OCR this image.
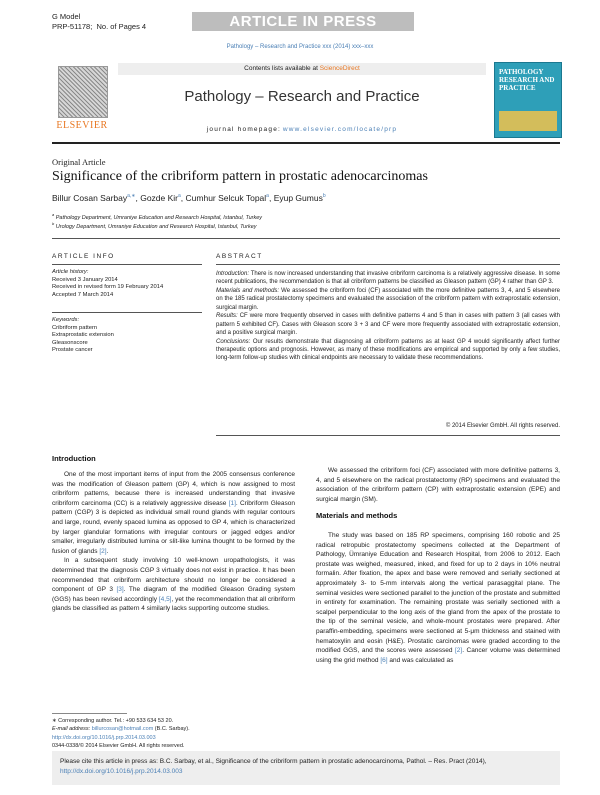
G Model
PRP-51178; No. of Pages 4	ARTICLE IN PRESS
Pathology – Research and Practice xxx (2014) xxx–xxx
ELSEVIER
Contents lists available at ScienceDirect
Pathology – Research and Practice
journal homepage: www.elsevier.com/locate/prp
PATHOLOGY RESEARCH AND PRACTICE
Original Article
Significance of the cribriform pattern in prostatic adenocarcinomas
Billur Cosan Sarbay$^{a,∗}$, Gozde Kir$^a$, Cumhur Selcuk Topal$^a$, Eyup Gumus$^b$
$^a$ Pathology Department, Umraniye Education and Research Hospital, Istanbul, Turkey
$^b$ Urology Department, Umraniye Education and Research Hospital, Istanbul, Turkey
ARTICLE INFO
Article history:
Received 3 January 2014
Received in revised form 19 February 2014
Accepted 7 March 2014
Keywords:
Cribriform pattern
Extraprostatic extension
Gleasonscore
Prostate cancer
ABSTRACT

Introduction: There is now increased understanding that invasive cribriform carcinoma is a relatively aggressive disease. In some recent publications, the recommendation is that all cribriform patterns be classified as Gleason pattern (GP) 4 rather than GP 3.

Materials and methods: We assessed the cribriform foci (CF) associated with the more definitive patterns 3, 4, and 5 elsewhere on the 185 radical prostatectomy specimens and evaluated the association of the cribriform pattern with extraprostatic extension, surgical margin.

Results: CF were more frequently observed in cases with definitive patterns 4 and 5 than in cases with pattern 3 (all cases with pattern 5 exhibited CF). Cases with Gleason score 3 + 3 and CF were more frequently associated with extraprostatic extension, and a positive surgical margin.

Conclusions: Our results demonstrate that diagnosing all cribriform patterns as at least GP 4 would significantly affect further therapeutic options and prognosis. However, as many of these modifications are empirical and supported by only a few studies, long-term follow-up studies with clinical endpoints are necessary to validate these recommendations.

© 2014 Elsevier GmbH. All rights reserved.
Introduction

One of the most important items of input from the 2005 consensus conference was the modification of Gleason pattern (GP) 4, which is now assigned to most cribriform patterns, because there is increased understanding that invasive cribriform carcinoma (CC) is a relatively aggressive disease [1]. Cribriform Gleason pattern (CGP) 3 is depicted as individual small round glands with regular contours and large, round, evenly spaced lumina as opposed to GP 4, which is characterized by larger glandular formations with irregular contours or jagged edges and/or smaller, irregularly distributed lumina or slit-like lumina thought to be formed by the fusion of glands [2].

In a subsequent study involving 10 well-known uropathologists, it was determined that the diagnosis CGP 3 virtually does not exist in practice. It has been recommended that cribriform architecture should no longer be considered a component of GP 3 [3]. The diagram of the modified Gleason Grading system (GGS) has been revised accordingly [4,5], yet the recommendation that all cribriform glands be classified as pattern 4 similarly lacks supporting outcome studies.

∗ Corresponding author. Tel.: +90 533 634 53 20.
E-mail address: billurcosan@hotmail.com (B.C. Sarbay).
http://dx.doi.org/10.1016/j.prp.2014.03.003
0344-0338/© 2014 Elsevier GmbH. All rights reserved.

We assessed the cribriform foci (CF) associated with more definitive patterns 3, 4, and 5 elsewhere on the radical prostatectomy (RP) specimens and evaluated the association of the cribriform pattern (CP) with extraprostatic extension (EPE) and surgical margin (SM).

Materials and methods

The study was based on 185 RP specimens, comprising 160 robotic and 25 radical retropubic prostatectomy specimens collected at the Department of Pathology, Ümraniye Education and Research Hospital, from 2006 to 2012. Each prostate was weighed, measured, inked, and fixed for up to 2 days in 10% neutral formalin. After fixation, the apex and base were removed and serially sectioned at approximately 3- to 5-mm intervals along the vertical parasaggital plane. The seminal vesicles were sectioned parallel to the junction of the prostate and submitted in entirety for examination. The remaining prostate was serially sectioned with a scalpel perpendicular to the long axis of the gland from the apex of the prostate to the tip of the seminal vesicle, and whole-mount prostates were prepared. After paraffin-embedding, specimens were sectioned at 5-μm thickness and stained with hematoxylin and eosin (H&E). Prostatic carcinomas were graded according to the modified GGS, and the scores were assessed [2]. Cancer volume was determined using the grid method [6] and was calculated as

Please cite this article in press as: B.C. Sarbay, et al., Significance of the cribriform pattern in prostatic adenocarcinoma, Pathol. – Res. Pract (2014), http://dx.doi.org/10.1016/j.prp.2014.03.003
